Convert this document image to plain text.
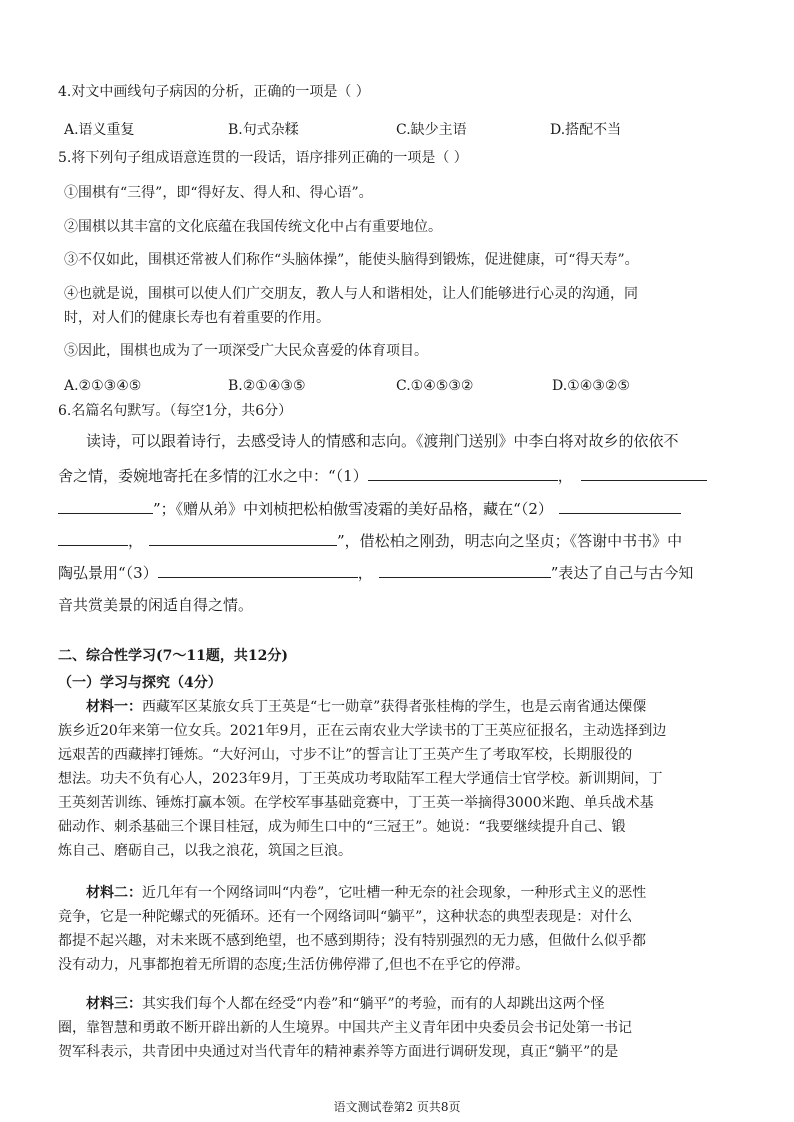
4.对文中画线句子病因的分析，正确的一项是（ ）
A.语义重复	B.句式杂糅	C.缺少主语	D.搭配不当
5.将下列句子组成语意连贯的一段话，语序排列正确的一项是（ ）
①围棋有“三得”，即“得好友、得人和、得心语”。
②围棋以其丰富的文化底蕴在我国传统文化中占有重要地位。
③不仅如此，围棋还常被人们称作“头脑体操”，能使头脑得到锻炼，促进健康，可“得天寿”。
④也就是说，围棋可以使人们广交朋友，教人与人和谐相处，让人们能够进行心灵的沟通，同
时，对人们的健康长寿也有着重要的作用。
⑤因此，围棋也成为了一项深受广大民众喜爱的体育项目。
A.②①③④⑤	B.②①④③⑤	C.①④⑤③②	D.①④③②⑤
6.名篇名句默写。（每空1分，共6分）
读诗，可以跟着诗行，去感受诗人的情感和志向。《渡荆门送别》中李白将对故乡的依依不
舍之情，委婉地寄托在多情的江水之中：“（1）	，
”；《赠从弟》中刘桢把松柏傲雪凌霜的美好品格，藏在“（2）
，	”，借松柏之刚劲，明志向之坚贞；《答谢中书书》中
陶弘景用“（3）	，	”表达了自己与古今知
音共赏美景的闲适自得之情。
二、综合性学习(7～11题，共12分)
（一）学习与探究（4分）
材料一：西藏军区某旅女兵丁王英是“七一勋章”获得者张桂梅的学生，也是云南省通达傈僳
族乡近20年来第一位女兵。2021年9月，正在云南农业大学读书的丁王英应征报名，主动选择到边
远艰苦的西藏摔打锤炼。“大好河山，寸步不让”的誓言让丁王英产生了考取军校，长期服役的
想法。功夫不负有心人，2023年9月，丁王英成功考取陆军工程大学通信士官学校。新训期间，丁
王英刻苦训练、锤炼打赢本领。在学校军事基础竞赛中，丁王英一举摘得3000米跑、单兵战术基
础动作、刺杀基础三个课目桂冠，成为师生口中的“三冠王”。她说：“我要继续提升自己、锻
炼自己、磨砺自己，以我之浪花，筑国之巨浪。
材料二：近几年有一个网络词叫“内卷”，它吐槽一种无奈的社会现象，一种形式主义的恶性
竞争，它是一种陀螺式的死循环。还有一个网络词叫“躺平”，这种状态的典型表现是：对什么
都提不起兴趣，对未来既不感到绝望，也不感到期待；没有特别强烈的无力感，但做什么似乎都
没有动力，凡事都抱着无所谓的态度;生活仿佛停滞了,但也不在乎它的停滞。
材料三：其实我们每个人都在经受“内卷”和“躺平”的考验，而有的人却跳出这两个怪
圈，靠智慧和勇敢不断开辟出新的人生境界。中国共产主义青年团中央委员会书记处第一书记
贺军科表示，共青团中央通过对当代青年的精神素养等方面进行调研发现，真正“躺平”的是
语文测试卷第2 页共8页
